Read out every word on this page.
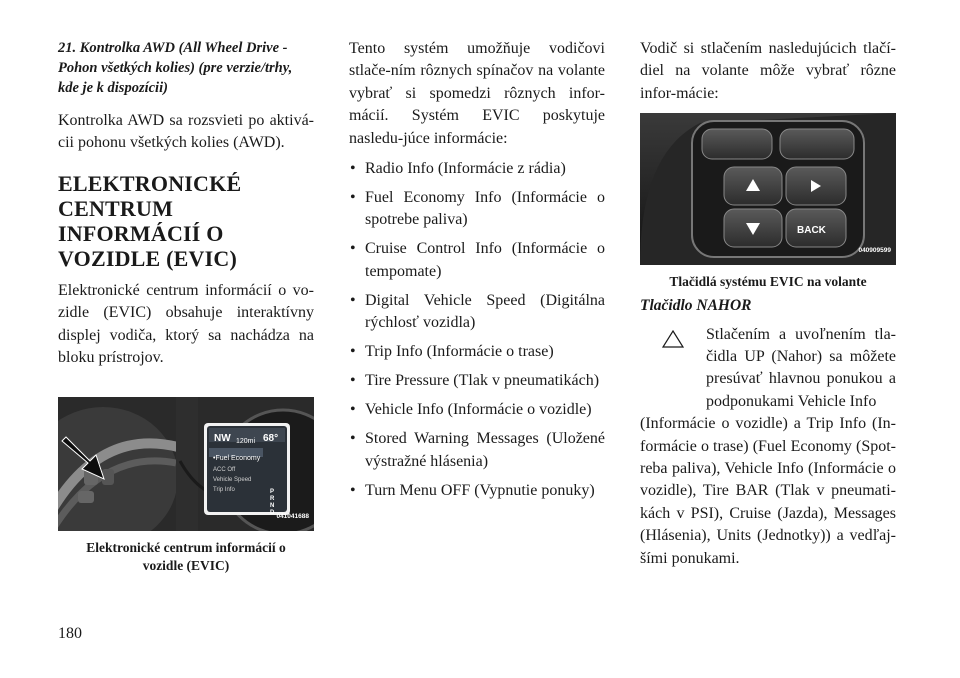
21. Kontrolka AWD (All Wheel Drive - Pohon všetkých kolies) (pre verzie/trhy, kde je k dispozícii)

Kontrolka AWD sa rozsvieti po aktivá-cii pohonu všetkých kolies (AWD).

ELEKTRONICKÉ
CENTRUM
INFORMÁCIÍ O
VOZIDLE (EVIC)

Elektronické centrum informácií o vo-zidle (EVIC) obsahuje interaktívny displej vodiča, ktorý sa nachádza na bloku prístrojov.

NW 120mi 68°
•Fuel Economy
ACC Off
Vehicle Speed
Trip Info	P
R
N
D 041041688
Elektronické centrum informácií o
vozidle (EVIC)

Tento systém umožňuje vodičovi stlače-ním rôznych spínačov na volante vybrať si spomedzi rôznych infor-mácií. Systém EVIC poskytuje nasledu-júce informácie:

• Radio Info (Informácie z rádia)
• Fuel Economy Info (Informácie o spotrebe paliva)
• Cruise Control Info (Informácie o tempomate)
• Digital Vehicle Speed (Digitálna rýchlosť vozidla)
• Trip Info (Informácie o trase)
• Tire Pressure (Tlak v pneumatikách)
• Vehicle Info (Informácie o vozidle)
• Stored Warning Messages (Uložené výstražné hlásenia)
• Turn Menu OFF (Vypnutie ponuky)

Vodič si stlačením nasledujúcich tlačí-diel na volante môže vybrať rôzne infor-mácie:

BACK
040909599
Tlačidlá systému EVIC na volante
Tlačidlo NAHOR

Stlačením a uvoľnením tla-čidla UP (Nahor) sa môžete presúvať hlavnou ponukou a podponukami Vehicle Info

(Informácie o vozidle) a Trip Info (In-formácie o trase) (Fuel Economy (Spot-reba paliva), Vehicle Info (Informácie o vozidle), Tire BAR (Tlak v pneumati-kách v PSI), Cruise (Jazda), Messages (Hlásenia), Units (Jednotky)) a vedľaj-šími ponukami.

180
